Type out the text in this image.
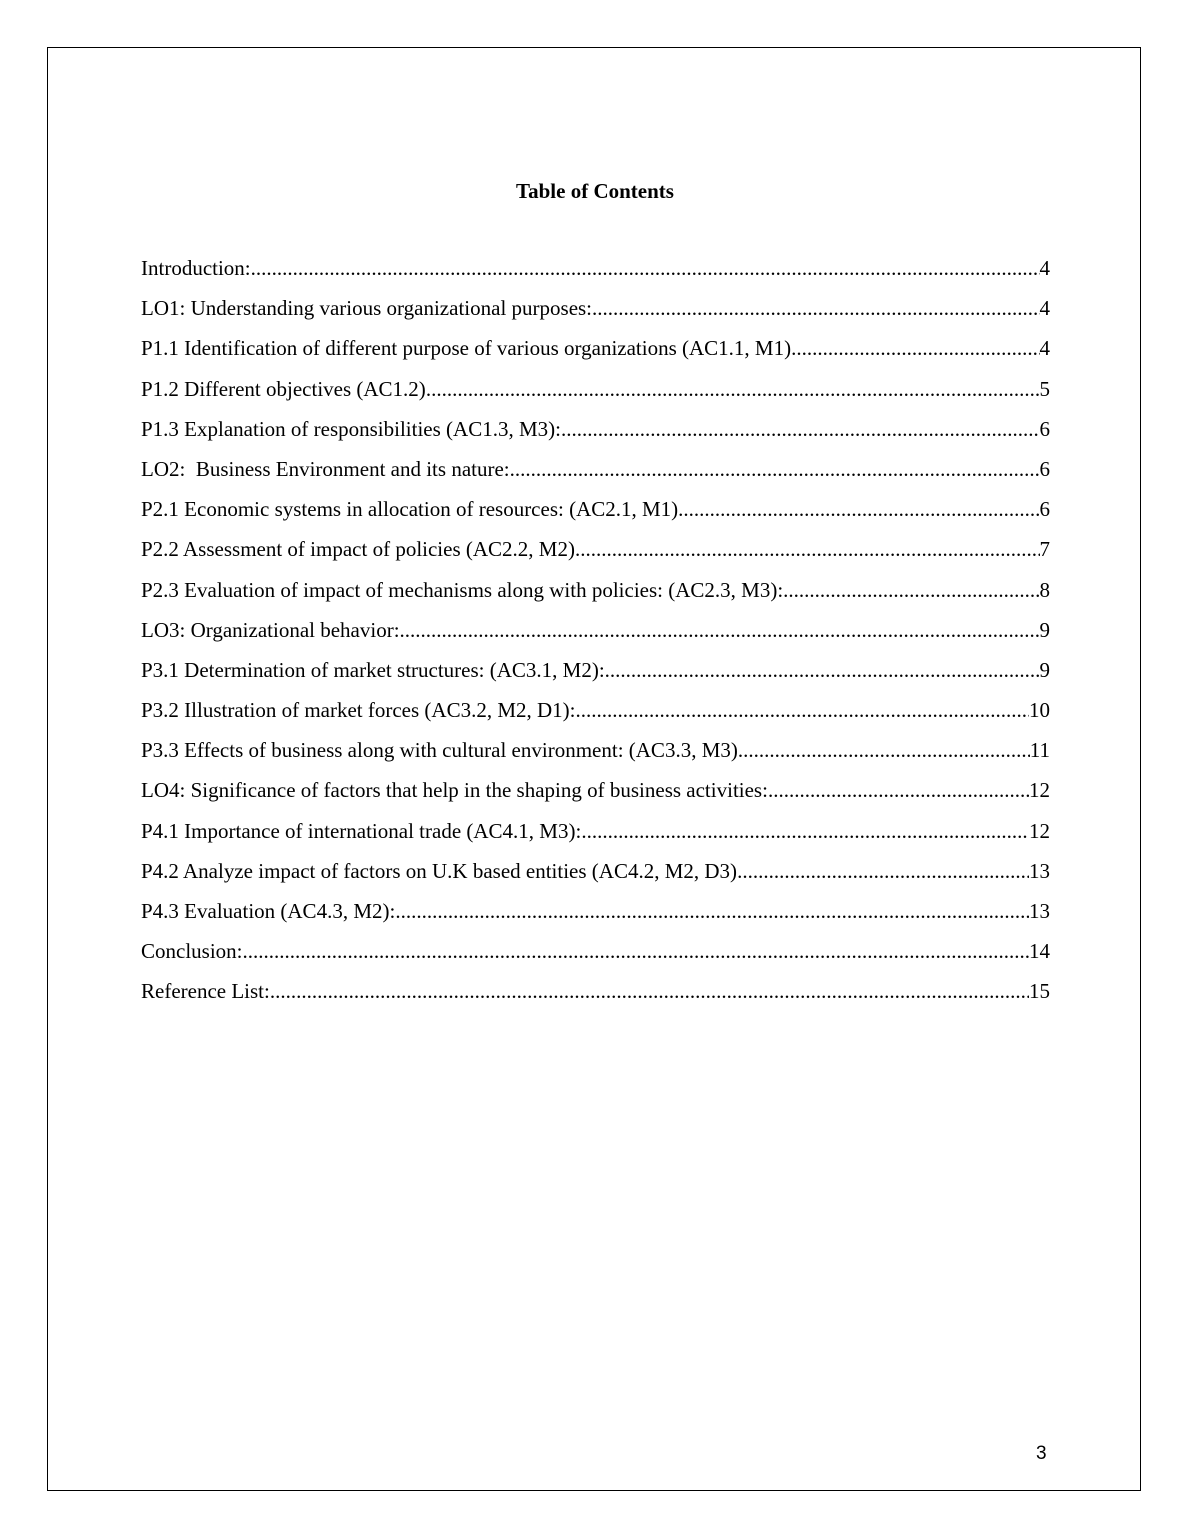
Table of Contents
Introduction: .....	4
LO1: Understanding various organizational purposes: .....	4
P1.1 Identification of different purpose of various organizations (AC1.1, M1) .....	4
P1.2 Different objectives (AC1.2) .....	5
P1.3 Explanation of responsibilities (AC1.3, M3): .....	6
LO2:  Business Environment and its nature: .....	6
P2.1 Economic systems in allocation of resources: (AC2.1, M1) .....	6
P2.2 Assessment of impact of policies (AC2.2, M2) .....	7
P2.3 Evaluation of impact of mechanisms along with policies: (AC2.3, M3): .....	8
LO3: Organizational behavior: .....	9
P3.1 Determination of market structures: (AC3.1, M2): .....	9
P3.2 Illustration of market forces (AC3.2, M2, D1): .....	10
P3.3 Effects of business along with cultural environment: (AC3.3, M3) .....	11
LO4: Significance of factors that help in the shaping of business activities: .....	12
P4.1 Importance of international trade (AC4.1, M3): .....	12
P4.2 Analyze impact of factors on U.K based entities (AC4.2, M2, D3) .....	13
P4.3 Evaluation (AC4.3, M2): .....	13
Conclusion: .....	14
Reference List: .....	15
3
